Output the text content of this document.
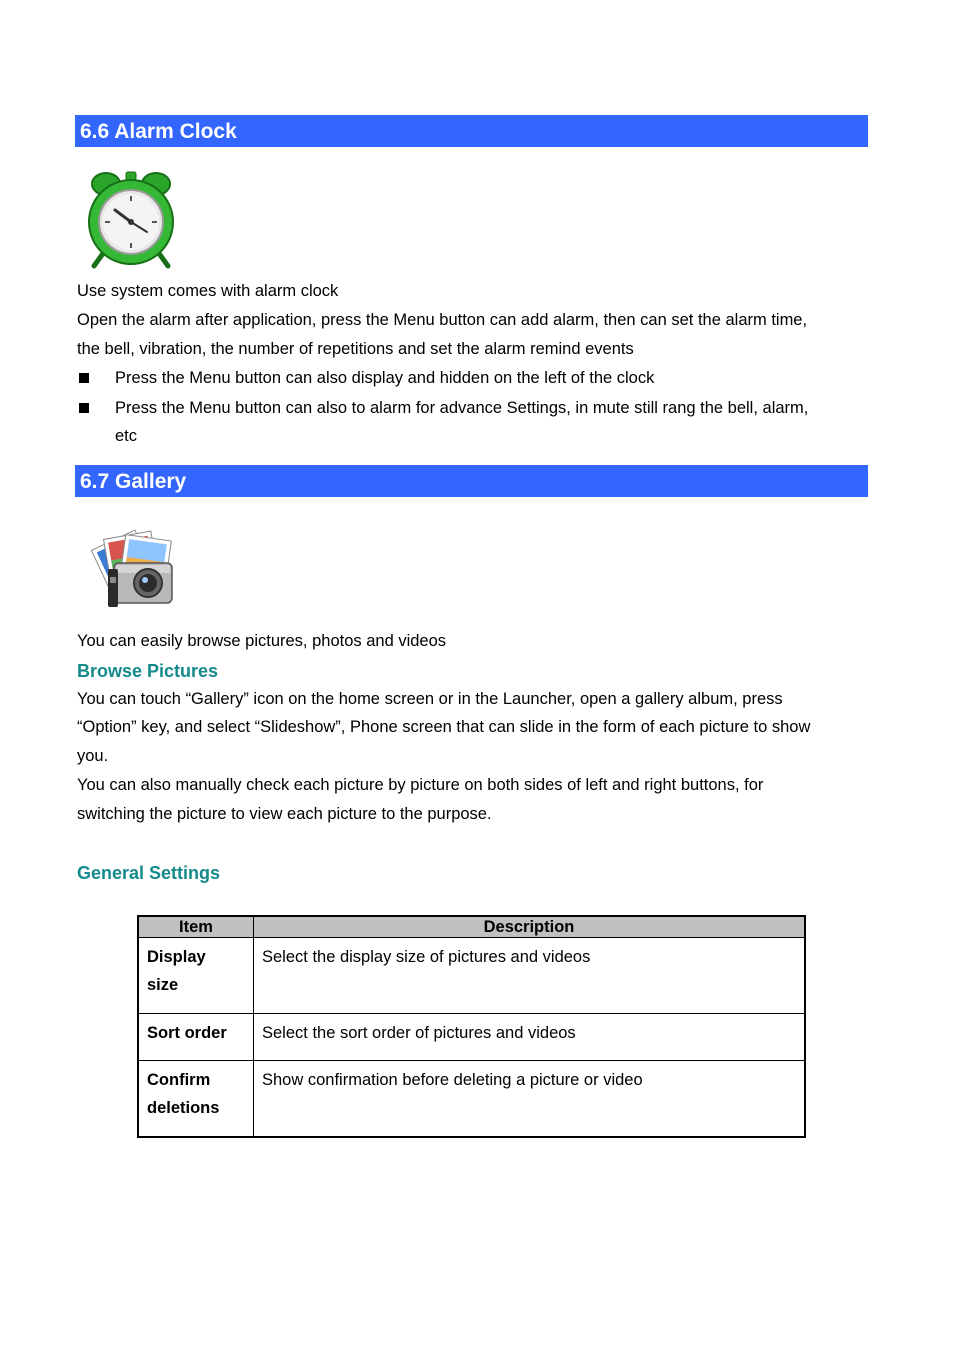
6.6 Alarm Clock
Use system comes with alarm clock
Open the alarm after application, press the Menu button can add alarm, then can set the alarm time,
the bell, vibration, the number of repetitions and set the alarm remind events
Press the Menu button can also display and hidden on the left of the clock
Press the Menu button can also to alarm for advance Settings, in mute still rang the bell, alarm,
etc
6.7 Gallery
You can easily browse pictures, photos and videos
Browse Pictures
You can touch “Gallery” icon on the home screen or in the Launcher, open a gallery album, press
“Option” key, and select “Slideshow”, Phone screen that can slide in the form of each picture to show
you.
You can also manually check each picture by picture on both sides of left and right buttons, for
switching the picture to view each picture to the purpose.
General Settings
Item	Description
Display
size	Select the display size of pictures and videos
Sort order	Select the sort order of pictures and videos
Confirm
deletions	Show confirmation before deleting a picture or video
